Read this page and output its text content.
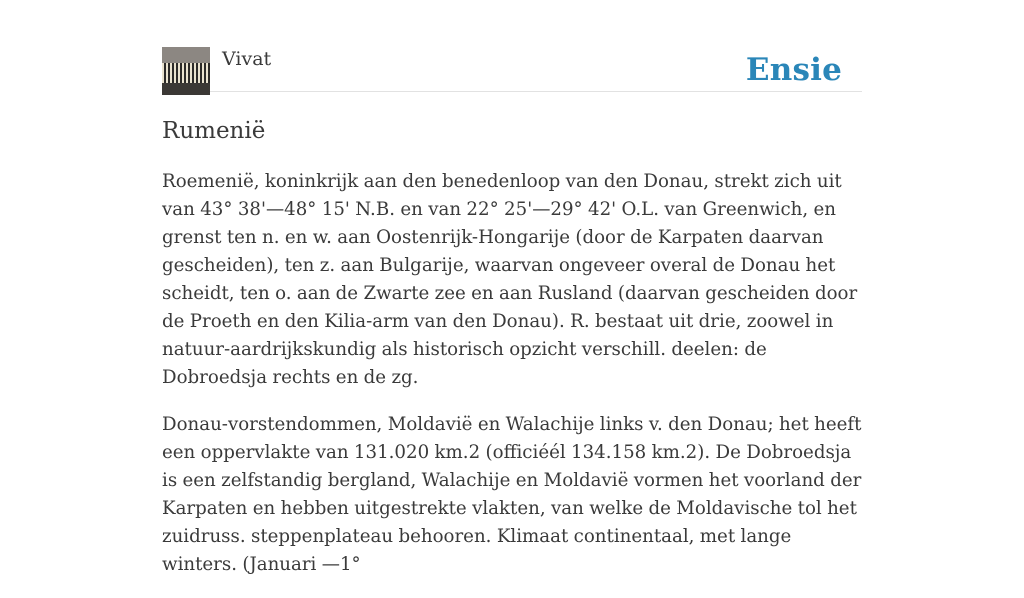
Vivat	Ensie
Rumenië

Roemenië, koninkrijk aan den benedenloop van den Donau, strekt zich uit van 43° 38'—48° 15' N.B. en van 22° 25'—29° 42' O.L. van Greenwich, en grenst ten n. en w. aan Oostenrijk-Hongarije (door de Karpaten daarvan gescheiden), ten z. aan Bulgarije, waarvan ongeveer overal de Donau het scheidt, ten o. aan de Zwarte zee en aan Rusland (daarvan gescheiden door de Proeth en den Kilia-arm van den Donau). R. bestaat uit drie, zoowel in natuur-aardrijkskundig als historisch opzicht verschill. deelen: de Dobroedsja rechts en de zg.

Donau-vorstendommen, Moldavië en Walachije links v. den Donau; het heeft een oppervlakte van 131.020 km.2 (officiéél 134.158 km.2). De Dobroedsja is een zelfstandig bergland, Walachije en Moldavië vormen het voorland der Karpaten en hebben uitgestrekte vlakten, van welke de Moldavische tol het zuidruss. steppenplateau behooren. Klimaat continentaal, met lange winters. (Januari —1°
